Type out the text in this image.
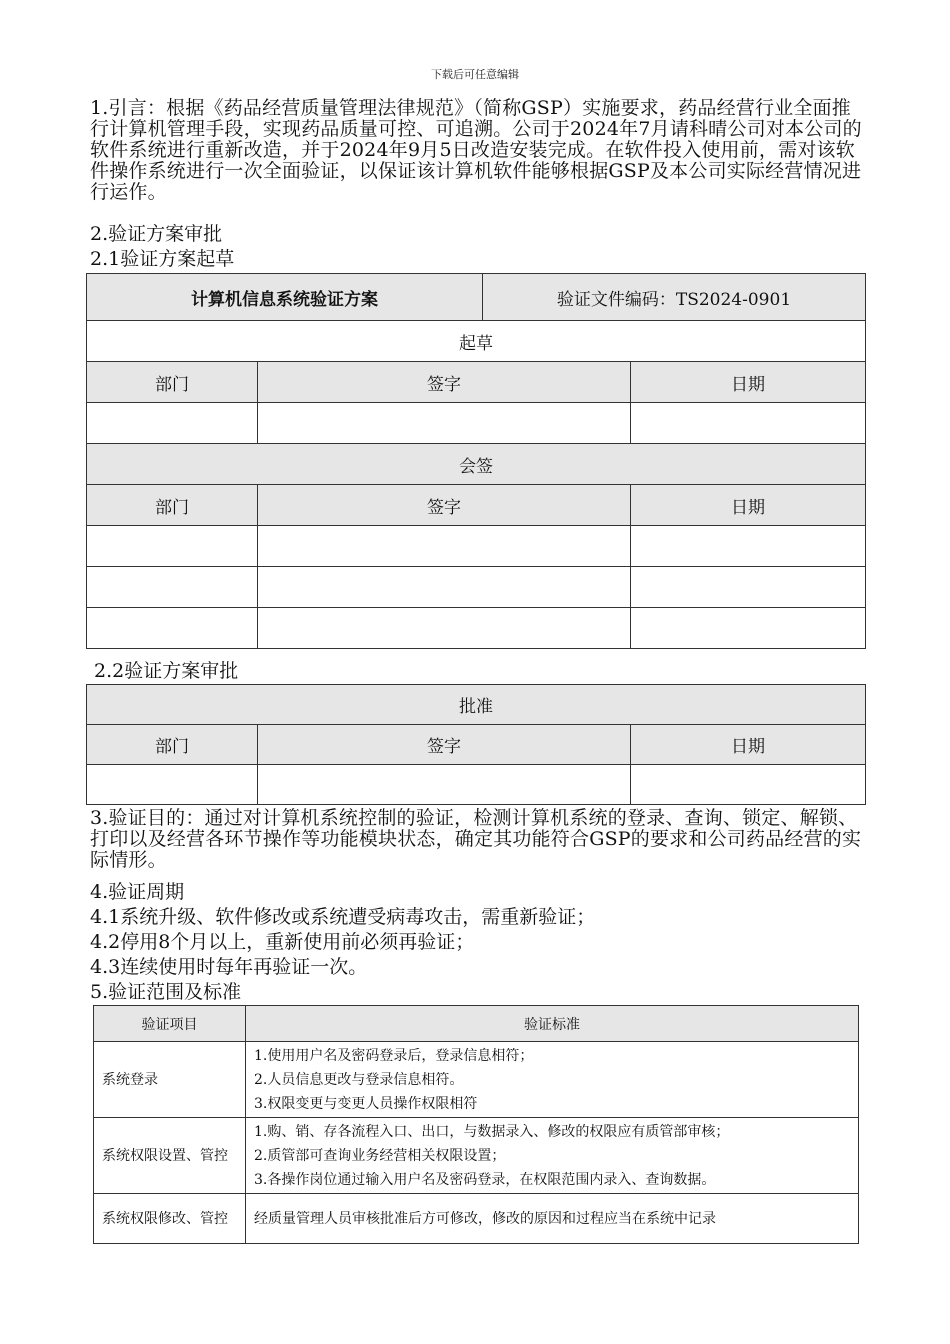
下载后可任意编辑
1.引言：根据《药品经营质量管理法律规范》（简称GSP）实施要求，药品经营行业全面推行计算机管理手段，实现药品质量可控、可追溯。公司于2024年7月请科晴公司对本公司的软件系统进行重新改造，并于2024年9月5日改造安装完成。在软件投入使用前，需对该软件操作系统进行一次全面验证，以保证该计算机软件能够根据GSP及本公司实际经营情况进行运作。
2.验证方案审批
2.1验证方案起草
计算机信息系统验证方案		验证文件编码：TS2024-0901	
起草			
部门	签字		日期

会签			
部门	签字		日期

2.2验证方案审批
批准		
部门	签字	日期

3.验证目的：通过对计算机系统控制的验证，检测计算机系统的登录、查询、锁定、解锁、打印以及经营各环节操作等功能模块状态，确定其功能符合GSP的要求和公司药品经营的实际情形。
4.验证周期
4.1系统升级、软件修改或系统遭受病毒攻击，需重新验证；
4.2停用8个月以上，重新使用前必须再验证；
4.3连续使用时每年再验证一次。
5.验证范围及标准
验证项目	验证标准
系统登录	1.使用用户名及密码登录后，登录信息相符；
2.人员信息更改与登录信息相符。
3.权限变更与变更人员操作权限相符

系统权限设置、管控	1.购、销、存各流程入口、出口，与数据录入、修改的权限应有质管部审核；
2.质管部可查询业务经营相关权限设置；
3.各操作岗位通过输入用户名及密码登录，在权限范围内录入、查询数据。

系统权限修改、管控	经质量管理人员审核批准后方可修改，修改的原因和过程应当在系统中记录
